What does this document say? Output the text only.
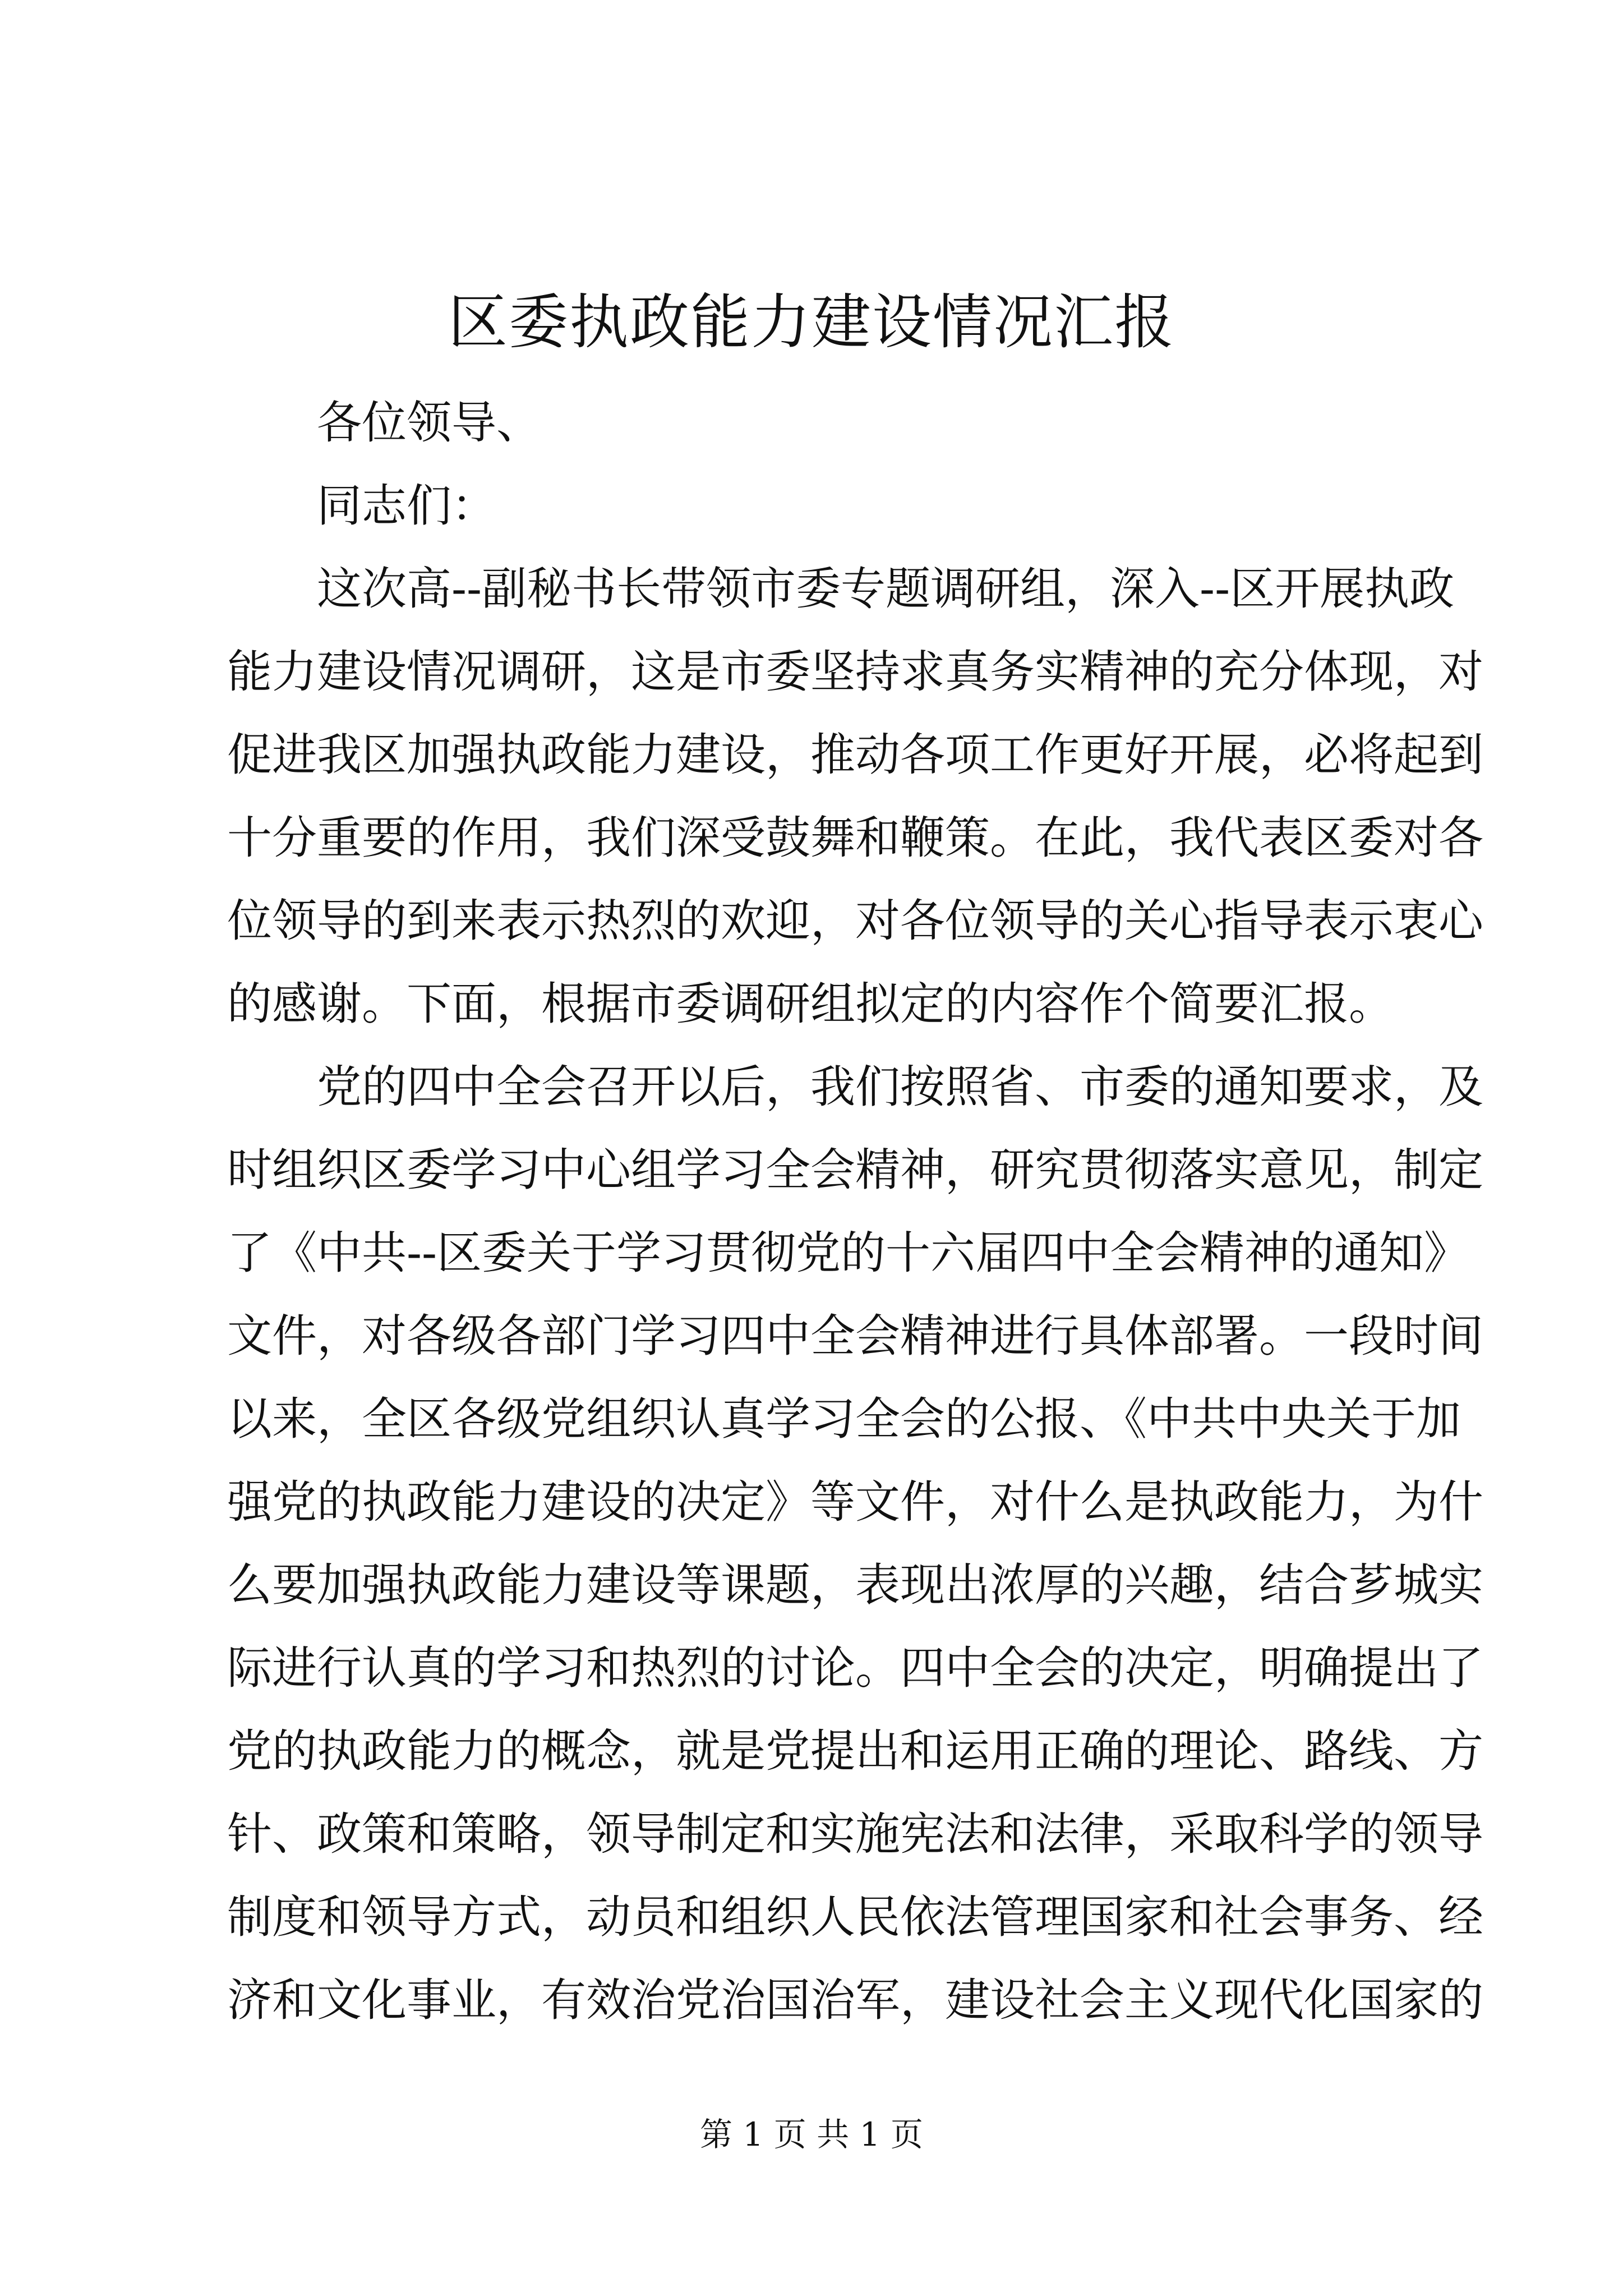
区委执政能力建设情况汇报
　　各位领导、
　　同志们：
　　这次高--副秘书长带领市委专题调研组，深入--区开展执政
能力建设情况调研，这是市委坚持求真务实精神的充分体现，对
促进我区加强执政能力建设，推动各项工作更好开展，必将起到
十分重要的作用，我们深受鼓舞和鞭策。在此，我代表区委对各
位领导的到来表示热烈的欢迎，对各位领导的关心指导表示衷心
的感谢。下面，根据市委调研组拟定的内容作个简要汇报。
　　党的四中全会召开以后，我们按照省、市委的通知要求，及
时组织区委学习中心组学习全会精神，研究贯彻落实意见，制定
了《中共--区委关于学习贯彻党的十六届四中全会精神的通知》
文件，对各级各部门学习四中全会精神进行具体部署。一段时间
以来，全区各级党组织认真学习全会的公报、《中共中央关于加
强党的执政能力建设的决定》等文件，对什么是执政能力，为什
么要加强执政能力建设等课题，表现出浓厚的兴趣，结合芗城实
际进行认真的学习和热烈的讨论。四中全会的决定，明确提出了
党的执政能力的概念，就是党提出和运用正确的理论、路线、方
针、政策和策略，领导制定和实施宪法和法律，采取科学的领导
制度和领导方式，动员和组织人民依法管理国家和社会事务、经
济和文化事业，有效治党治国治军，建设社会主义现代化国家的
第 1 页 共 1 页
